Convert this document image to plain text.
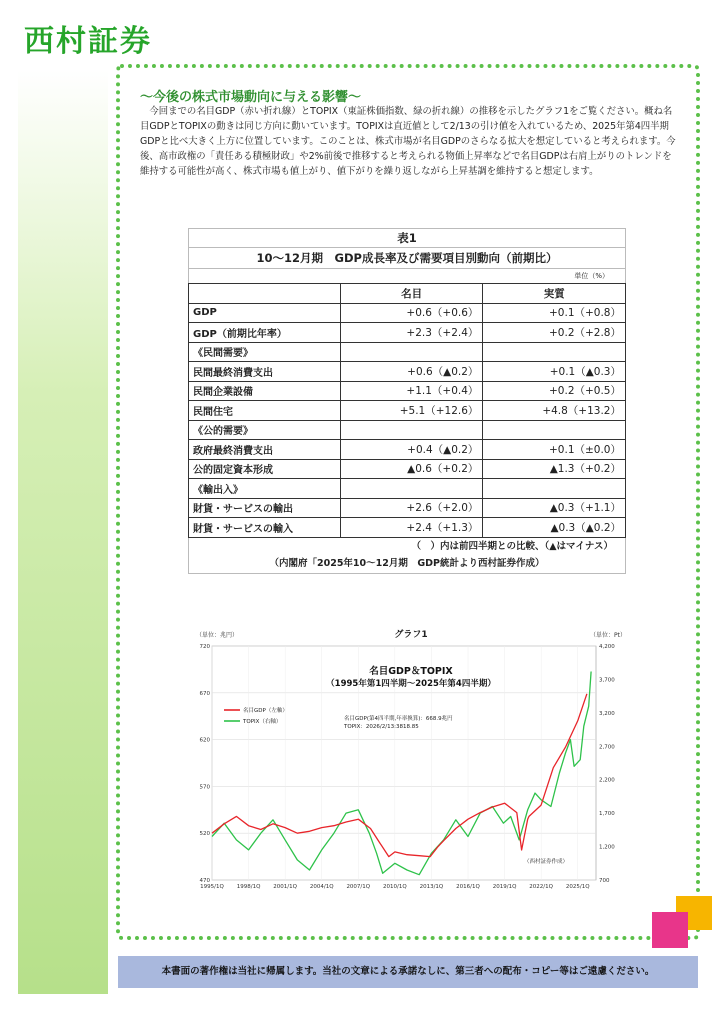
西村証券
～今後の株式市場動向に与える影響～
今回までの名目GDP（赤い折れ線）とTOPIX（東証株価指数、緑の折れ線）の推移を示したグラフ1をご覧ください。概ね名目GDPとTOPIXの動きは同じ方向に動いています。TOPIXは直近値として2/13の引け値を入れているため、2025年第4四半期GDPと比べ大きく上方に位置しています。このことは、株式市場が名目GDPのさらなる拡大を想定していると考えられます。今後、高市政権の「責任ある積極財政」や2%前後で推移すると考えられる物価上昇率などで名目GDPは右肩上がりのトレンドを維持する可能性が高く、株式市場も値上がり、値下がりを繰り返しながら上昇基調を維持すると想定します。
表1
10～12月期　GDP成長率及び需要項目別動向（前期比）
単位（%）
	名目	実質
GDP	+0.6（+0.6）	+0.1（+0.8）
GDP（前期比年率）	+2.3（+2.4）	+0.2（+2.8）
《民間需要》		
民間最終消費支出	+0.6（▲0.2）	+0.1（▲0.3）
民間企業設備	+1.1（+0.4）	+0.2（+0.5）
民間住宅	+5.1（+12.6）	+4.8（+13.2）
《公的需要》		
政府最終消費支出	+0.4（▲0.2）	+0.1（±0.0）
公的固定資本形成	▲0.6（+0.2）	▲1.3（+0.2）
《輸出入》		
財貨・サービスの輸出	+2.6（+2.0）	▲0.3（+1.1）
財貨・サービスの輸入	+2.4（+1.3）	▲0.3（▲0.2）
（　）内は前四半期との比較、（▲はマイナス）
（内閣府「2025年10～12月期　GDP統計より西村証券作成）
グラフ1
（単位：兆円）	（単位：Pt）
720
670
620
570
520
470
4,200
3,700
3,200
2,700
2,200
1,700
1,200
700
1995/1Q 1998/1Q 2001/1Q 2004/1Q 2007/1Q 2010/1Q 2013/1Q 2016/1Q 2019/1Q 2022/1Q 2025/1Q
名目GDP＆TOPIX
（1995年第1四半期～2025年第4四半期）
名目GDP（左軸）
TOPIX（右軸）	名目GDP(第4四半期,年率換算)：668.9兆円
TOPIX：2026/2/13:3818.85
（西村証券作成）
本書面の著作権は当社に帰属します。当社の文章による承諾なしに、第三者への配布・コピー等はご遠慮ください。
